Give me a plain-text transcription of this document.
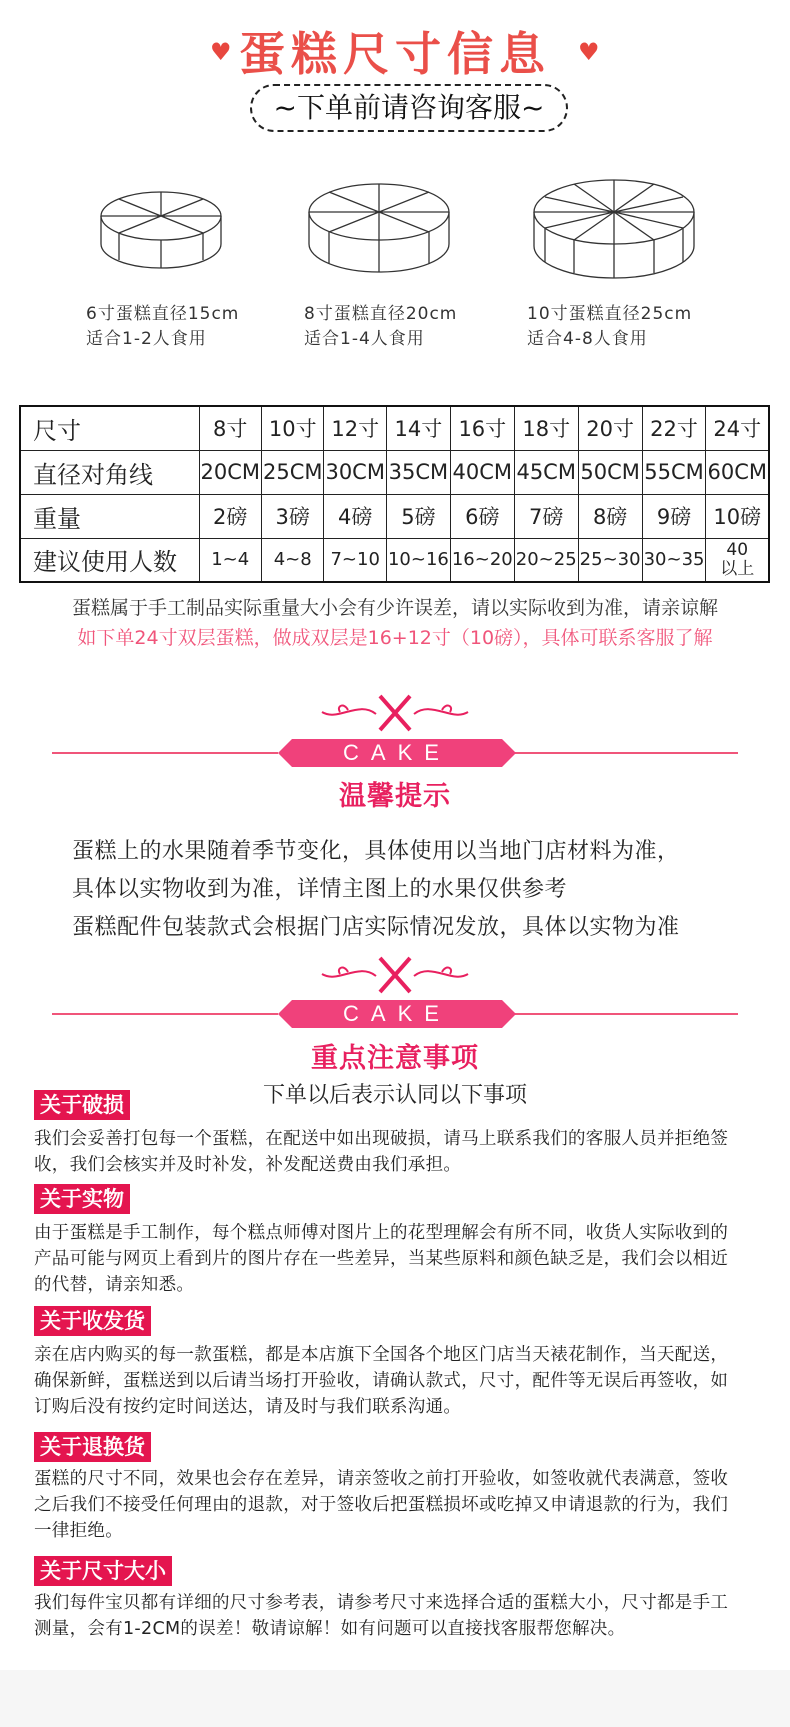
♥ 蛋糕尺寸信息 ♥
~下单前请咨询客服~
6寸蛋糕直径15cm
适合1-2人食用
8寸蛋糕直径20cm
适合1-4人食用
10寸蛋糕直径25cm
适合4-8人食用
尺寸	8寸	10寸	12寸	14寸	16寸	18寸	20寸	22寸	24寸
直径对角线	20CM	25CM	30CM	35CM	40CM	45CM	50CM	55CM	60CM
重量	2磅	3磅	4磅	5磅	6磅	7磅	8磅	9磅	10磅
建议使用人数	1~4	4~8	7~10	10~16	16~20	20~25	25~30	30~35	40
以上
蛋糕属于手工制品实际重量大小会有少许误差，请以实际收到为准，请亲谅解
如下单24寸双层蛋糕，做成双层是16+12寸（10磅），具体可联系客服了解
CAKE
温馨提示
蛋糕上的水果随着季节变化，具体使用以当地门店材料为准，
具体以实物收到为准，详情主图上的水果仅供参考
蛋糕配件包装款式会根据门店实际情况发放，具体以实物为准
CAKE
重点注意事项
下单以后表示认同以下事项
关于破损
我们会妥善打包每一个蛋糕，在配送中如出现破损，请马上联系我们的客服人员并拒绝签收，我们会核实并及时补发，补发配送费由我们承担。
关于实物
由于蛋糕是手工制作，每个糕点师傅对图片上的花型理解会有所不同，收货人实际收到的产品可能与网页上看到片的图片存在一些差异，当某些原料和颜色缺乏是，我们会以相近的代替，请亲知悉。
关于收发货
亲在店内购买的每一款蛋糕，都是本店旗下全国各个地区门店当天裱花制作，当天配送，确保新鲜，蛋糕送到以后请当场打开验收，请确认款式，尺寸，配件等无误后再签收，如订购后没有按约定时间送达，请及时与我们联系沟通。
关于退换货
蛋糕的尺寸不同，效果也会存在差异，请亲签收之前打开验收，如签收就代表满意，签收之后我们不接受任何理由的退款，对于签收后把蛋糕损坏或吃掉又申请退款的行为，我们一律拒绝。
关于尺寸大小
我们每件宝贝都有详细的尺寸参考表，请参考尺寸来选择合适的蛋糕大小，尺寸都是手工测量，会有1-2CM的误差！敬请谅解！如有问题可以直接找客服帮您解决。
